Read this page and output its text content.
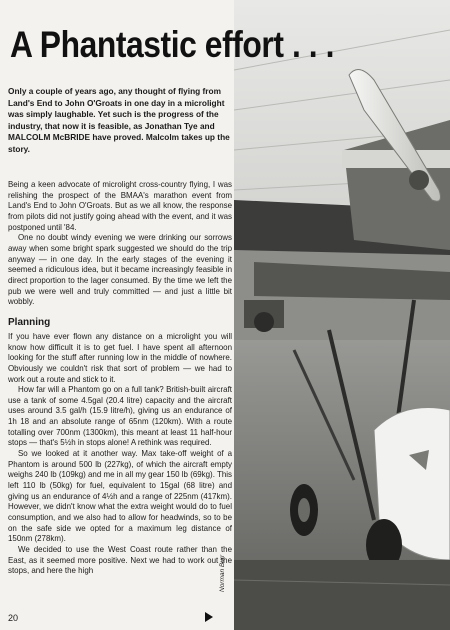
A Phantastic effort . . .
Only a couple of years ago, any thought of flying from Land's End to John O'Groats in one day in a microlight was simply laughable. Yet such is the progress of the industry, that now it is feasible, as Jonathan Tye and MALCOLM McBRIDE have proved. Malcolm takes up the story.

Being a keen advocate of microlight cross-country flying, I was relishing the prospect of the BMAA's marathon event from Land's End to John O'Groats. But as we all know, the response from pilots did not justify going ahead with the event, and it was postponed until '84.

One no doubt windy evening we were drinking our sorrows away when some bright spark suggested we should do the trip anyway — in one day. In the early stages of the evening it seemed a ridiculous idea, but it became increasingly feasible in direct proportion to the lager consumed. By the time we left the pub we were well and truly committed — and just a little bit wobbly.

Planning

If you have ever flown any distance on a microlight you will know how difficult it is to get fuel. I have spent all afternoon looking for the stuff after running low in the middle of nowhere. Obviously we couldn't risk that sort of problem — we had to work out a route and stick to it.

How far will a Phantom go on a full tank? British-built aircraft use a tank of some 4.5gal (20.4 litre) capacity and the aircraft uses around 3.5 gal/h (15.9 litre/h), giving us an endurance of 1h 18 and an absolute range of 65nm (120km). With a route totalling over 700nm (1300km), this meant at least 11 half-hour stops — that's 5½h in stops alone! A rethink was required.

So we looked at it another way. Max take-off weight of a Phantom is around 500 lb (227kg), of which the aircraft empty weighs 240 lb (109kg) and me in all my gear 150 lb (69kg). This left 110 lb (50kg) for fuel, equivalent to 15gal (68 litre) and giving us an endurance of 4½h and a range of 225nm (417km). However, we didn't know what the extra weight would do to fuel consumption, and we also had to allow for headwinds, so to be on the safe side we opted for a maximum leg distance of 150nm (278km).

We decided to use the West Coast route rather than the East, as it seemed more positive. Next we had to work out the stops, and here the high	Norman Burr
20
